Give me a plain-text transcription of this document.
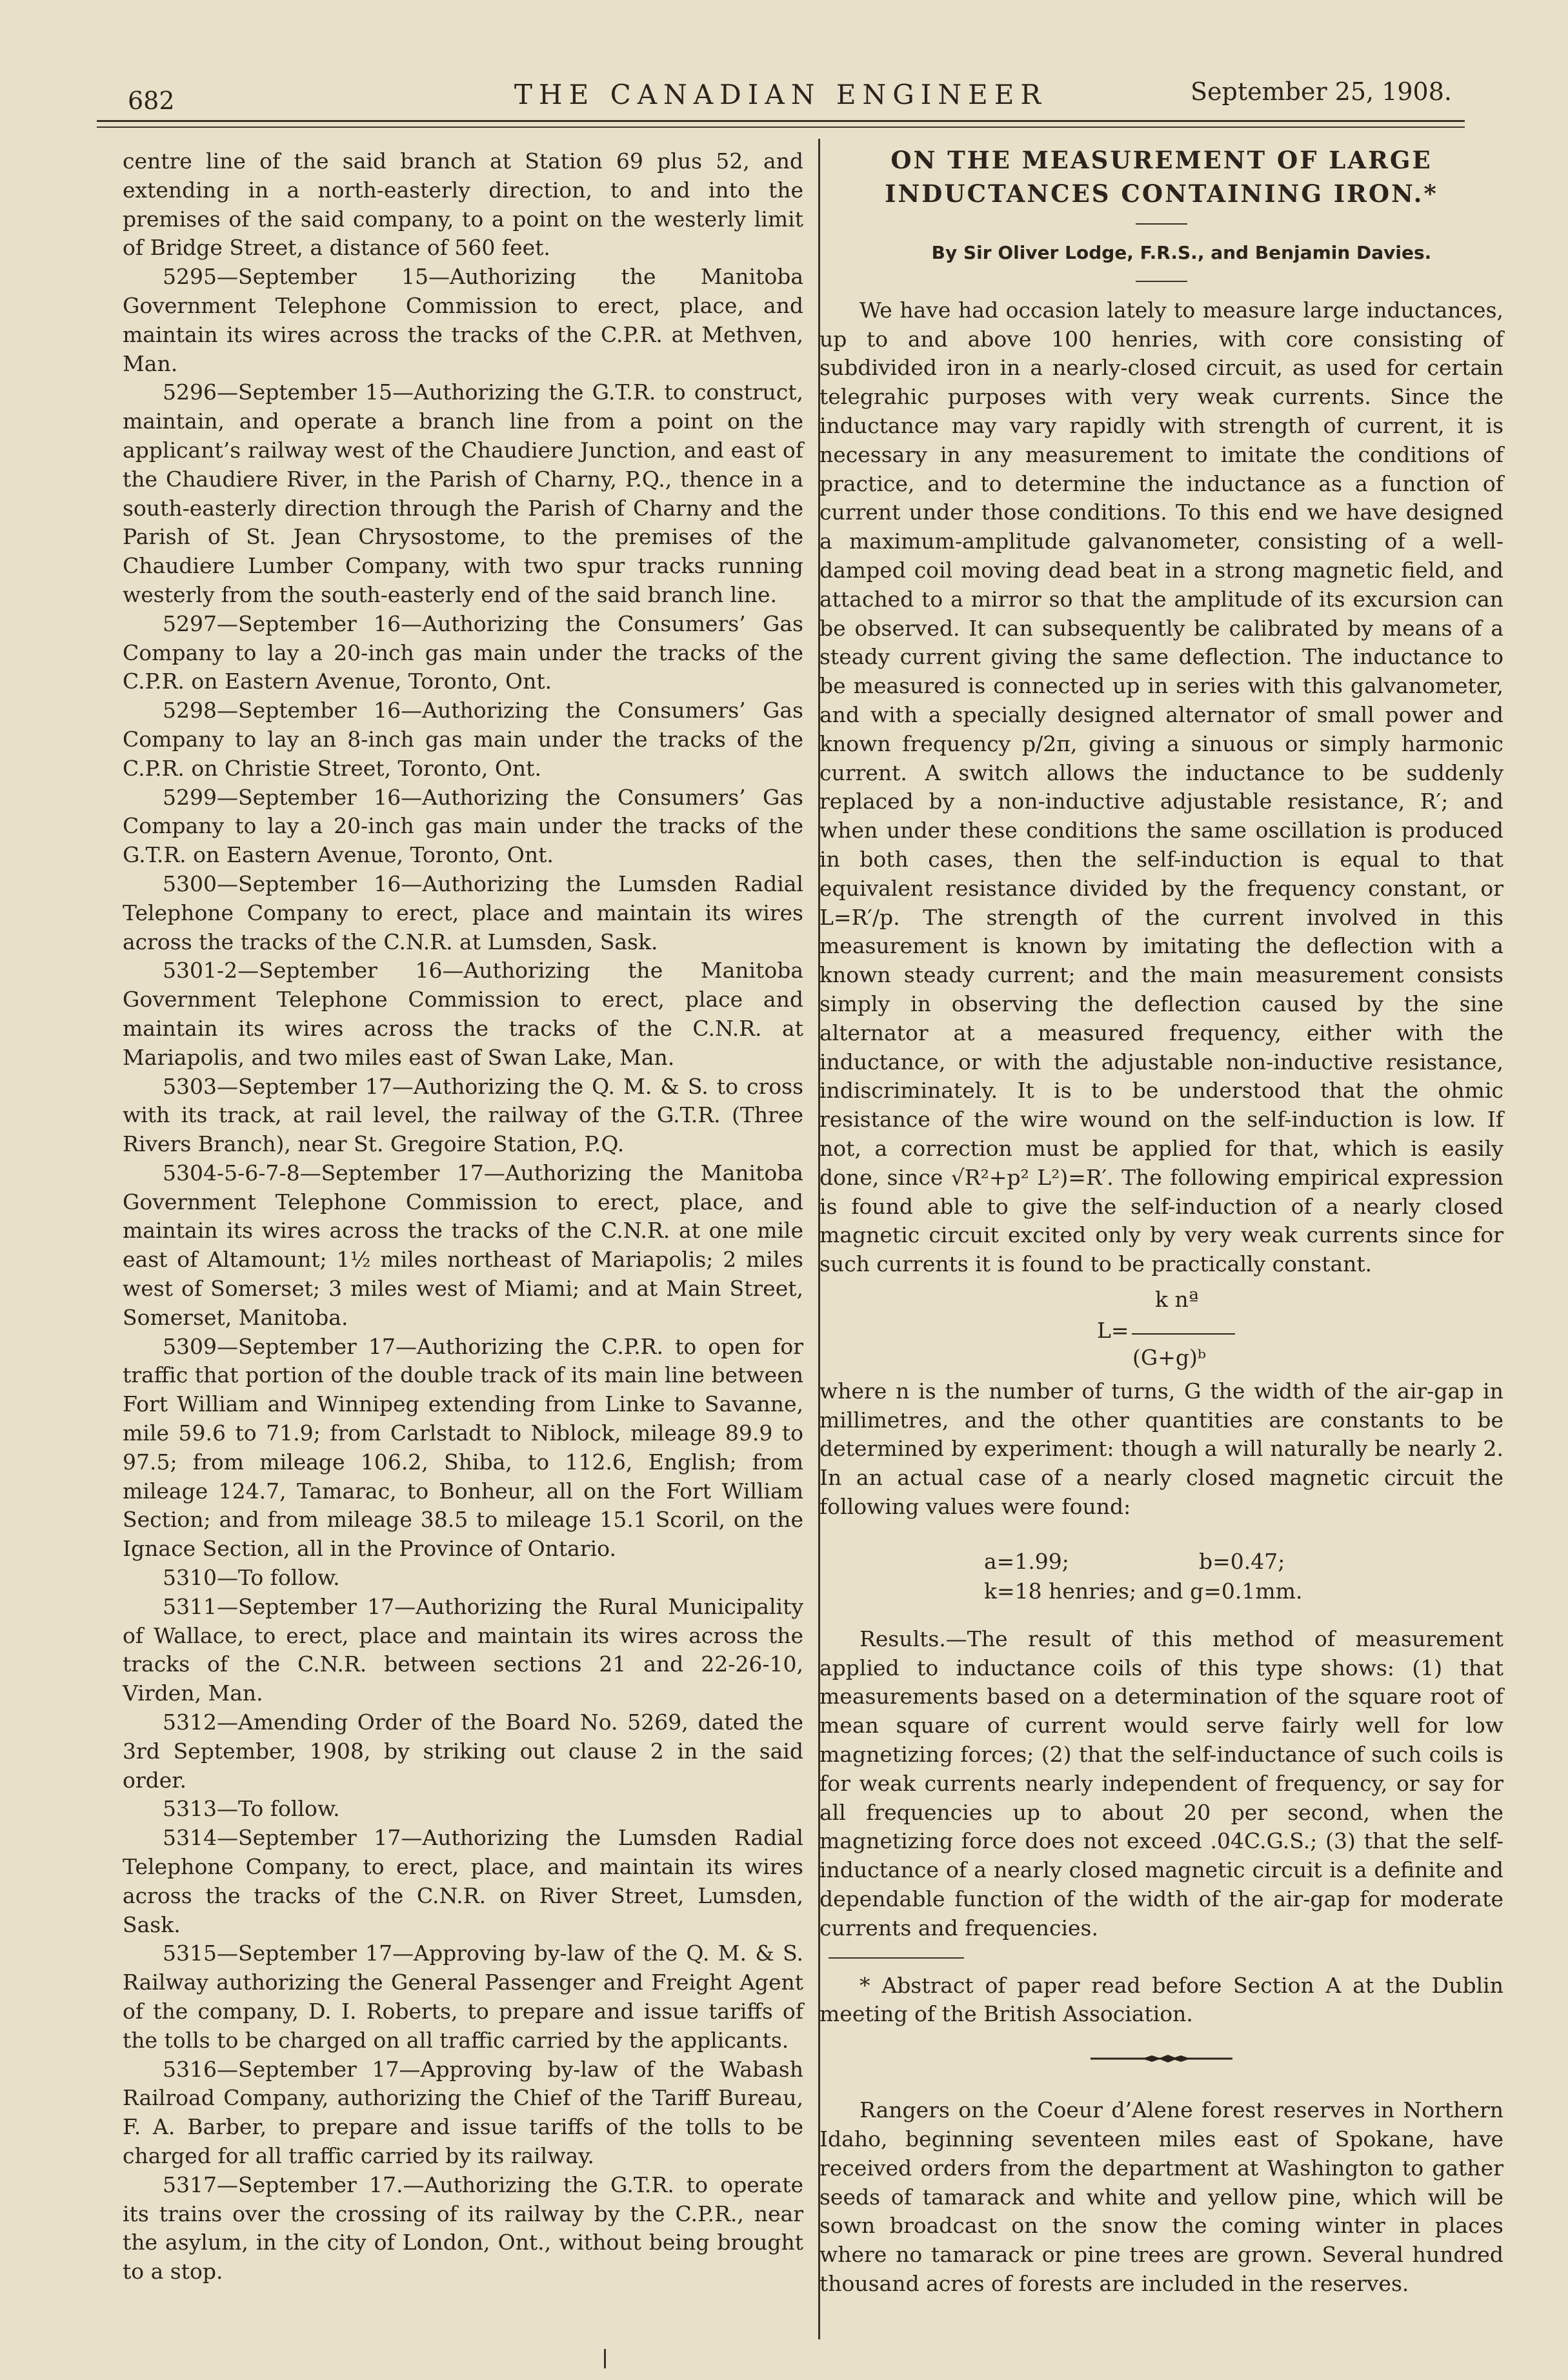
682	THE CANADIAN ENGINEER	September 25, 1908.

centre line of the said branch at Station 69 plus 52, and extending in a north-easterly direction, to and into the premises of the said company, to a point on the westerly limit of Bridge Street, a distance of 560 feet.

5295—September 15—Authorizing the Manitoba Government Telephone Commission to erect, place, and maintain its wires across the tracks of the C.P.R. at Methven, Man.

5296—September 15—Authorizing the G.T.R. to construct, maintain, and operate a branch line from a point on the applicant’s railway west of the Chaudiere Junction, and east of the Chaudiere River, in the Parish of Charny, P.Q., thence in a south-easterly direction through the Parish of Charny and the Parish of St. Jean Chrysostome, to the premises of the Chaudiere Lumber Company, with two spur tracks running westerly from the south-easterly end of the said branch line.

5297—September 16—Authorizing the Consumers’ Gas Company to lay a 20-inch gas main under the tracks of the C.P.R. on Eastern Avenue, Toronto, Ont.

5298—September 16—Authorizing the Consumers’ Gas Company to lay an 8-inch gas main under the tracks of the C.P.R. on Christie Street, Toronto, Ont.

5299—September 16—Authorizing the Consumers’ Gas Company to lay a 20-inch gas main under the tracks of the G.T.R. on Eastern Avenue, Toronto, Ont.

5300—September 16—Authorizing the Lumsden Radial Telephone Company to erect, place and maintain its wires across the tracks of the C.N.R. at Lumsden, Sask.

5301-2—September 16—Authorizing the Manitoba Government Telephone Commission to erect, place and maintain its wires across the tracks of the C.N.R. at Mariapolis, and two miles east of Swan Lake, Man.

5303—September 17—Authorizing the Q. M. & S. to cross with its track, at rail level, the railway of the G.T.R. (Three Rivers Branch), near St. Gregoire Station, P.Q.

5304-5-6-7-8—September 17—Authorizing the Manitoba Government Telephone Commission to erect, place, and maintain its wires across the tracks of the C.N.R. at one mile east of Altamount; 1½ miles northeast of Mariapolis; 2 miles west of Somerset; 3 miles west of Miami; and at Main Street, Somerset, Manitoba.

5309—September 17—Authorizing the C.P.R. to open for traffic that portion of the double track of its main line between Fort William and Winnipeg extending from Linke to Savanne, mile 59.6 to 71.9; from Carlstadt to Niblock, mileage 89.9 to 97.5; from mileage 106.2, Shiba, to 112.6, English; from mileage 124.7, Tamarac, to Bonheur, all on the Fort William Section; and from mileage 38.5 to mileage 15.1 Scoril, on the Ignace Section, all in the Province of Ontario.

5310—To follow.

5311—September 17—Authorizing the Rural Municipality of Wallace, to erect, place and maintain its wires across the tracks of the C.N.R. between sections 21 and 22-26-10, Virden, Man.

5312—Amending Order of the Board No. 5269, dated the 3rd September, 1908, by striking out clause 2 in the said order.

5313—To follow.

5314—September 17—Authorizing the Lumsden Radial Telephone Company, to erect, place, and maintain its wires across the tracks of the C.N.R. on River Street, Lumsden, Sask.

5315—September 17—Approving by-law of the Q. M. & S. Railway authorizing the General Passenger and Freight Agent of the company, D. I. Roberts, to prepare and issue tariffs of the tolls to be charged on all traffic carried by the applicants.

5316—September 17—Approving by-law of the Wabash Railroad Company, authorizing the Chief of the Tariff Bureau, F. A. Barber, to prepare and issue tariffs of the tolls to be charged for all traffic carried by its railway.

5317—September 17.—Authorizing the G.T.R. to operate its trains over the crossing of its railway by the C.P.R., near the asylum, in the city of London, Ont., without being brought to a stop.

ON THE MEASUREMENT OF LARGE INDUCTANCES CONTAINING IRON.*

By Sir Oliver Lodge, F.R.S., and Benjamin Davies.

We have had occasion lately to measure large inductances, up to and above 100 henries, with core consisting of subdivided iron in a nearly-closed circuit, as used for certain telegrahic purposes with very weak currents. Since the inductance may vary rapidly with strength of current, it is necessary in any measurement to imitate the conditions of practice, and to determine the inductance as a function of current under those conditions. To this end we have designed a maximum-amplitude galvanometer, consisting of a well-damped coil moving dead beat in a strong magnetic field, and attached to a mirror so that the amplitude of its excursion can be observed. It can subsequently be calibrated by means of a steady current giving the same deflection. The inductance to be measured is connected up in series with this galvanometer, and with a specially designed alternator of small power and known frequency p/2π, giving a sinuous or simply harmonic current. A switch allows the inductance to be suddenly replaced by a non-inductive adjustable resistance, R′; and when under these conditions the same oscillation is produced in both cases, then the self-induction is equal to that equivalent resistance divided by the frequency constant, or L=R′/p. The strength of the current involved in this measurement is known by imitating the deflection with a known steady current; and the main measurement consists simply in observing the deflection caused by the sine alternator at a measured frequency, either with the inductance, or with the adjustable non-inductive resistance, indiscriminately. It is to be understood that the ohmic resistance of the wire wound on the self-induction is low. If not, a correction must be applied for that, which is easily done, since √R²+p² L²)=R′. The following empirical expression is found able to give the self-induction of a nearly closed magnetic circuit excited only by very weak currents since for such currents it is found to be practically constant.

k nª
L=
(G+g)ᵇ

where n is the number of turns, G the width of the air-gap in millimetres, and the other quantities are constants to be determined by experiment: though a will naturally be nearly 2. In an actual case of a nearly closed magnetic circuit the following values were found:

a=1.99;	b=0.47;
k=18 henries; and g=0.1mm.

Results.—The result of this method of measurement applied to inductance coils of this type shows: (1) that measurements based on a determination of the square root of mean square of current would serve fairly well for low magnetizing forces; (2) that the self-inductance of such coils is for weak currents nearly independent of frequency, or say for all frequencies up to about 20 per second, when the magnetizing force does not exceed .04C.G.S.; (3) that the self-inductance of a nearly closed magnetic circuit is a definite and dependable function of the width of the air-gap for moderate currents and frequencies.

* Abstract of paper read before Section A at the Dublin meeting of the British Association.

Rangers on the Coeur d’Alene forest reserves in Northern Idaho, beginning seventeen miles east of Spokane, have received orders from the department at Washington to gather seeds of tamarack and white and yellow pine, which will be sown broadcast on the snow the coming winter in places where no tamarack or pine trees are grown. Several hundred thousand acres of forests are included in the reserves.
